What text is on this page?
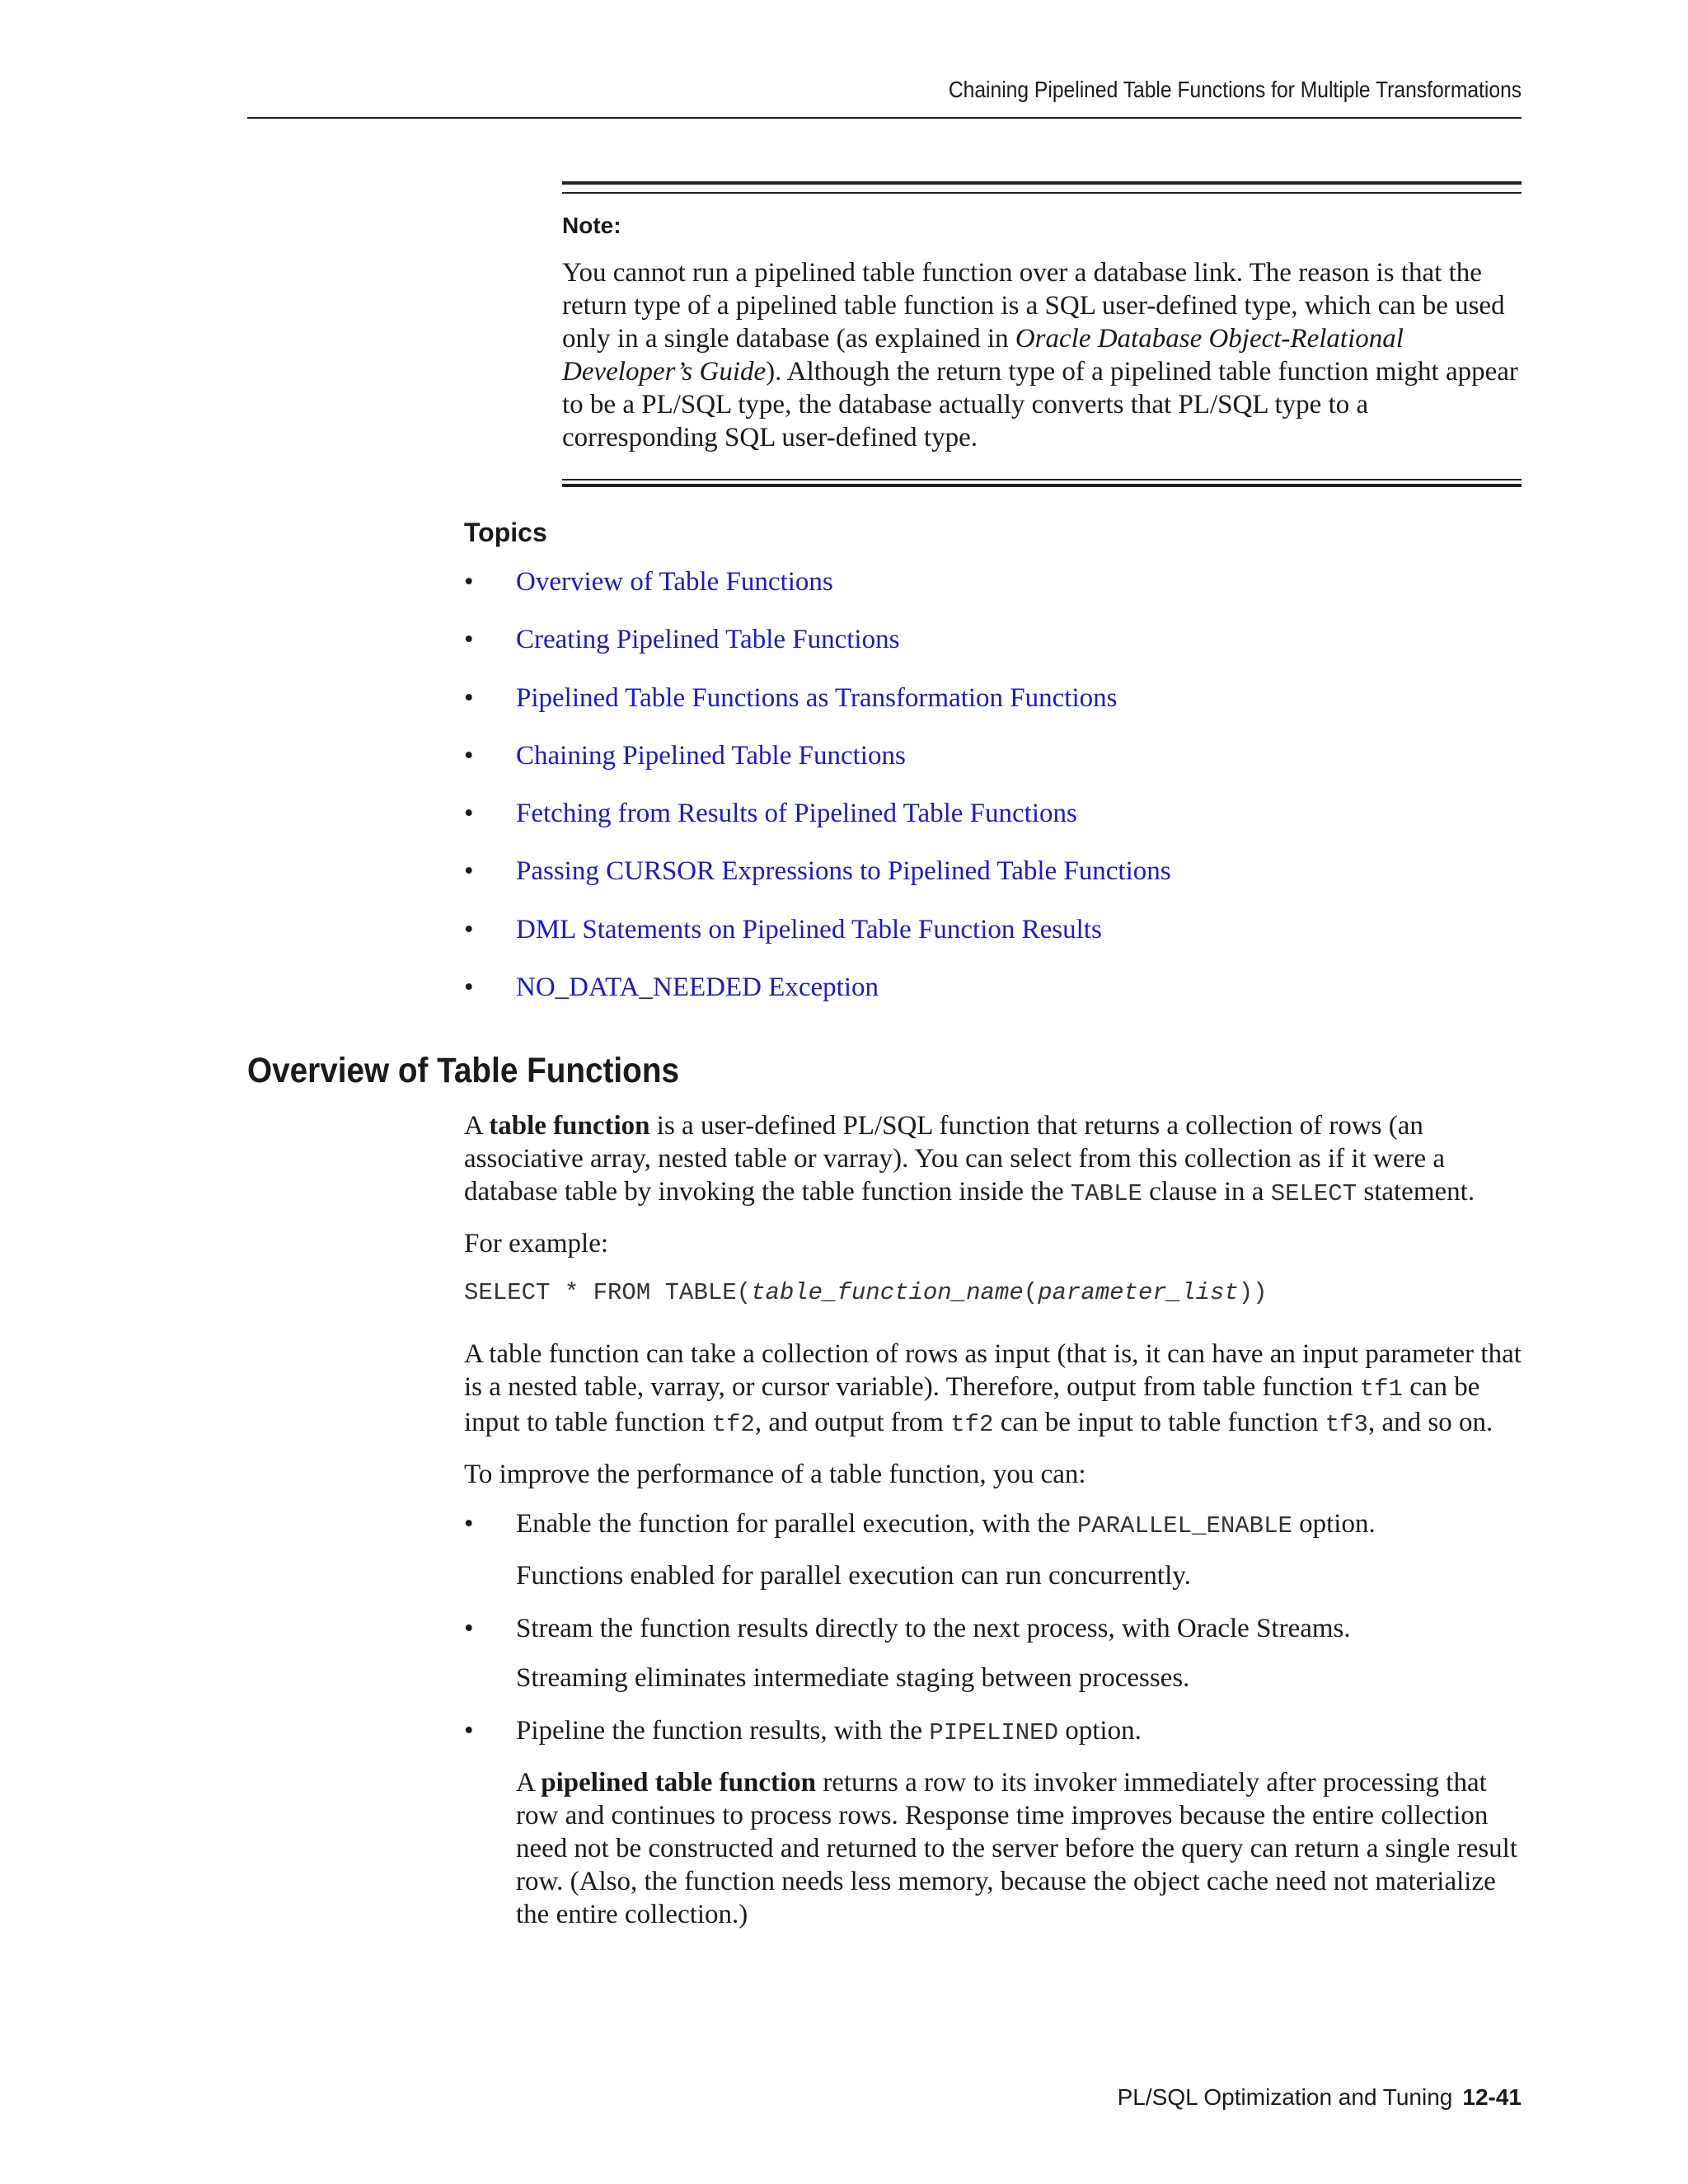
Chaining Pipelined Table Functions for Multiple Transformations
Note:
You cannot run a pipelined table function over a database link. The reason is that the return type of a pipelined table function is a SQL user-defined type, which can be used only in a single database (as explained in Oracle Database Object-Relational Developer’s Guide). Although the return type of a pipelined table function might appear to be a PL/SQL type, the database actually converts that PL/SQL type to a corresponding SQL user-defined type.
Topics
• Overview of Table Functions
• Creating Pipelined Table Functions
• Pipelined Table Functions as Transformation Functions
• Chaining Pipelined Table Functions
• Fetching from Results of Pipelined Table Functions
• Passing CURSOR Expressions to Pipelined Table Functions
• DML Statements on Pipelined Table Function Results
• NO_DATA_NEEDED Exception
Overview of Table Functions

A table function is a user-defined PL/SQL function that returns a collection of rows (an associative array, nested table or varray). You can select from this collection as if it were a database table by invoking the table function inside the TABLE clause in a SELECT statement.

For example:

SELECT * FROM TABLE(table_function_name(parameter_list))

A table function can take a collection of rows as input (that is, it can have an input parameter that is a nested table, varray, or cursor variable). Therefore, output from table function tf1 can be input to table function tf2, and output from tf2 can be input to table function tf3, and so on.

To improve the performance of a table function, you can:

• Enable the function for parallel execution, with the PARALLEL_ENABLE option.

Functions enabled for parallel execution can run concurrently.

• Stream the function results directly to the next process, with Oracle Streams.

Streaming eliminates intermediate staging between processes.

• Pipeline the function results, with the PIPELINED option.

A pipelined table function returns a row to its invoker immediately after processing that row and continues to process rows. Response time improves because the entire collection need not be constructed and returned to the server before the query can return a single result row. (Also, the function needs less memory, because the object cache need not materialize the entire collection.)

PL/SQL Optimization and Tuning 12-41
